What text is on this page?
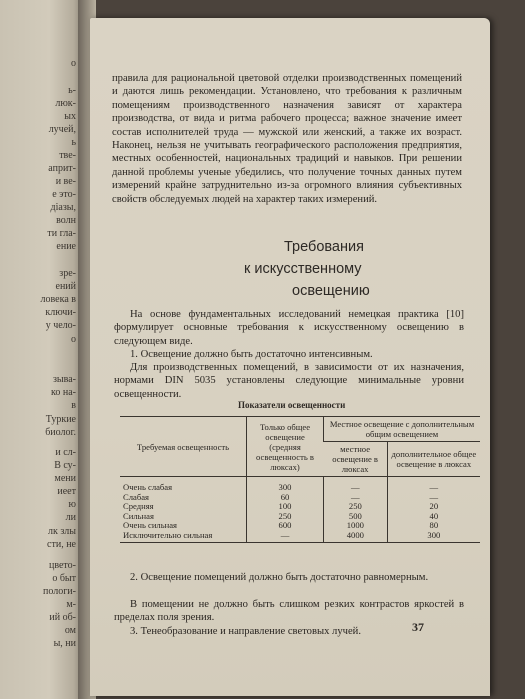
о
ь-
люк-
ых
лучей,
ь
тве-
априт-
и ве-
е это-
дiазы,
волн
ти гла-
ение
зре-
ений
ловека в
ключи-
у чело-
о
зыва-
ко на-
в
Туркие
биолог.
и сл-
В су-
мени
иеет
ю
ли
лк злы
сти, не
цвето-
о быт
пологи-
м-
ий об-
ом
ы, ни

правила для рациональной цветовой отделки производственных помещений и даются лишь рекомендации. Установлено, что требования к различным помещениям производственного назначения зависят от характера производства, от вида и ритма рабочего процесса; важное значение имеет состав исполнителей труда — мужской или женский, а также их возраст. Наконец, нельзя не учитывать географического расположения предприятия, местных особенностей, национальных традиций и навыков. При решении данной проблемы ученые убедились, что получение точных данных путем измерений крайне затруднительно из-за огромного влияния субъективных свойств обследуемых людей на характер таких измерений.

Требования
к искусственному
освещению

На основе фундаментальных исследований немецкая практика [10] формулирует основные требования к искусственному освещению в следующем виде.

1. Освещение должно быть достаточно интенсивным.

Для производственных помещений, в зависимости от их назначения, нормами DIN 5035 установлены следующие минимальные уровни освещенности.

Показатели освещенности
Требуемая освещенность	Только общее освещение (средняя освещенность в люксах)	Местное освещение с дополнительным общим освещением	
		местное освещение в люксах	дополнительное общее освещение в люксах
Очень слабая	300	—	—
Слабая	60	—	—
Средняя	100	250	20
Сильная	250	500	40
Очень сильная	600	1000	80
Исключительно сильная	—	4000	300

2. Освещение помещений должно быть достаточно равномерным.

В помещении не должно быть слишком резких контрастов яркостей в пределах поля зрения.

3. Тенеобразование и направление световых лучей.	37
